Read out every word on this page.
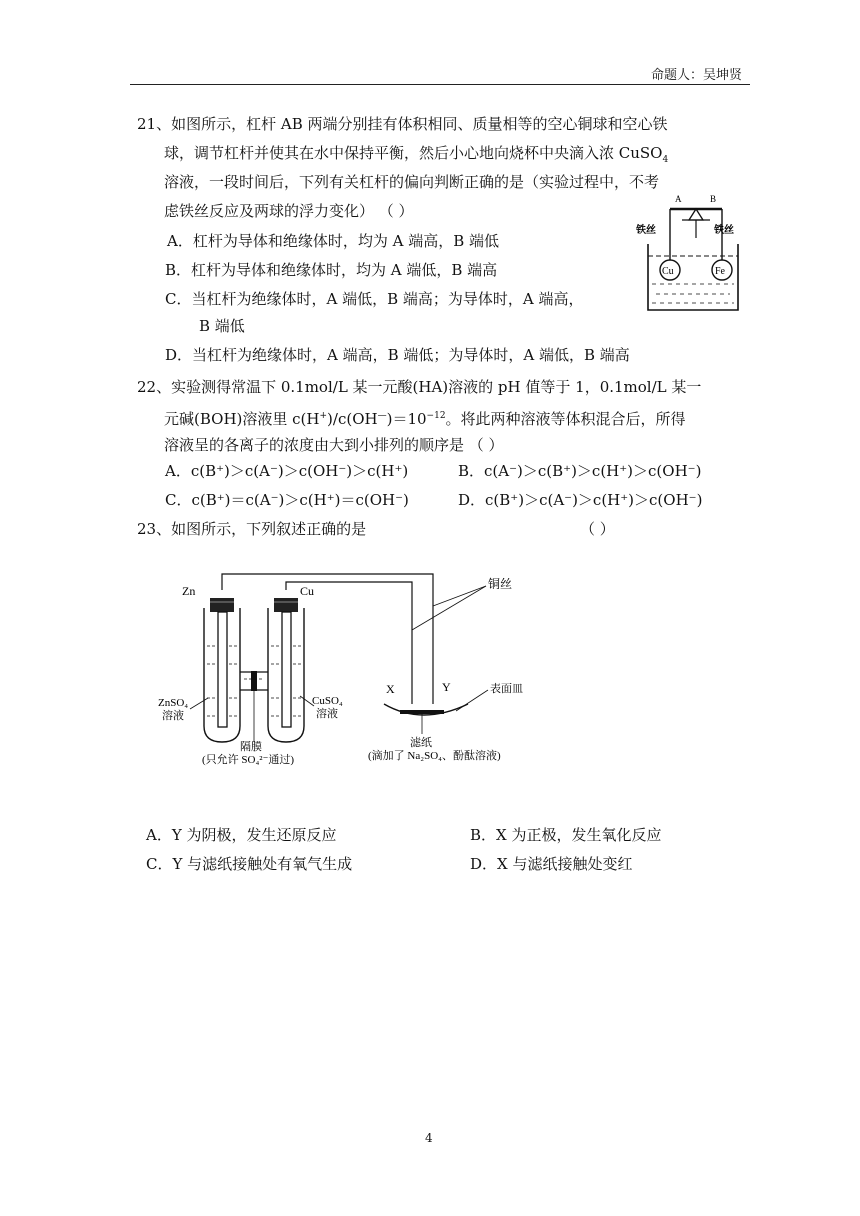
命题人：吴坤贤
21、如图所示，杠杆 AB 两端分别挂有体积相同、质量相等的空心铜球和空心铁
球，调节杠杆并使其在水中保持平衡，然后小心地向烧杯中央滴入浓 CuSO$_4$
溶液，一段时间后，下列有关杠杆的偏向判断正确的是（实验过程中，不考
虑铁丝反应及两球的浮力变化） （ ）
A．杠杆为导体和绝缘体时，均为 A 端高，B 端低
B．杠杆为导体和绝缘体时，均为 A 端低，B 端高
C．当杠杆为绝缘体时，A 端低，B 端高；为导体时，A 端高，
B 端低
D．当杠杆为绝缘体时，A 端高，B 端低；为导体时，A 端低，B 端高
A	B
铁丝	铁丝
Cu	Fe
22、实验测得常温下 0.1mol/L 某一元酸(HA)溶液的 pH 值等于 1，0.1mol/L 某一
元碱(BOH)溶液里 $c(H^+)/c(OH^—)=10^{-12}$。将此两种溶液等体积混合后，所得
溶液呈的各离子的浓度由大到小排列的顺序是 （ ）
A．c(B⁺)＞c(A⁻)＞c(OH⁻)＞c(H⁺)	B．c(A⁻)＞c(B⁺)＞c(H⁺)＞c(OH⁻)
C．c(B⁺)＝c(A⁻)＞c(H⁺)＝c(OH⁻)	D．c(B⁺)＞c(A⁻)＞c(H⁺)＞c(OH⁻)
23、如图所示，下列叙述正确的是	（ ）
Zn	Cu
ZnSO₄
溶液
CuSO₄
溶液
隔膜
(只允许 SO₄²⁻通过)
铜丝
X	Y	表面皿
滤纸
(滴加了 Na₂SO₄、酚酞溶液)
A．Y 为阴极，发生还原反应	B．X 为正极，发生氧化反应
C．Y 与滤纸接触处有氧气生成	D．X 与滤纸接触处变红
4
